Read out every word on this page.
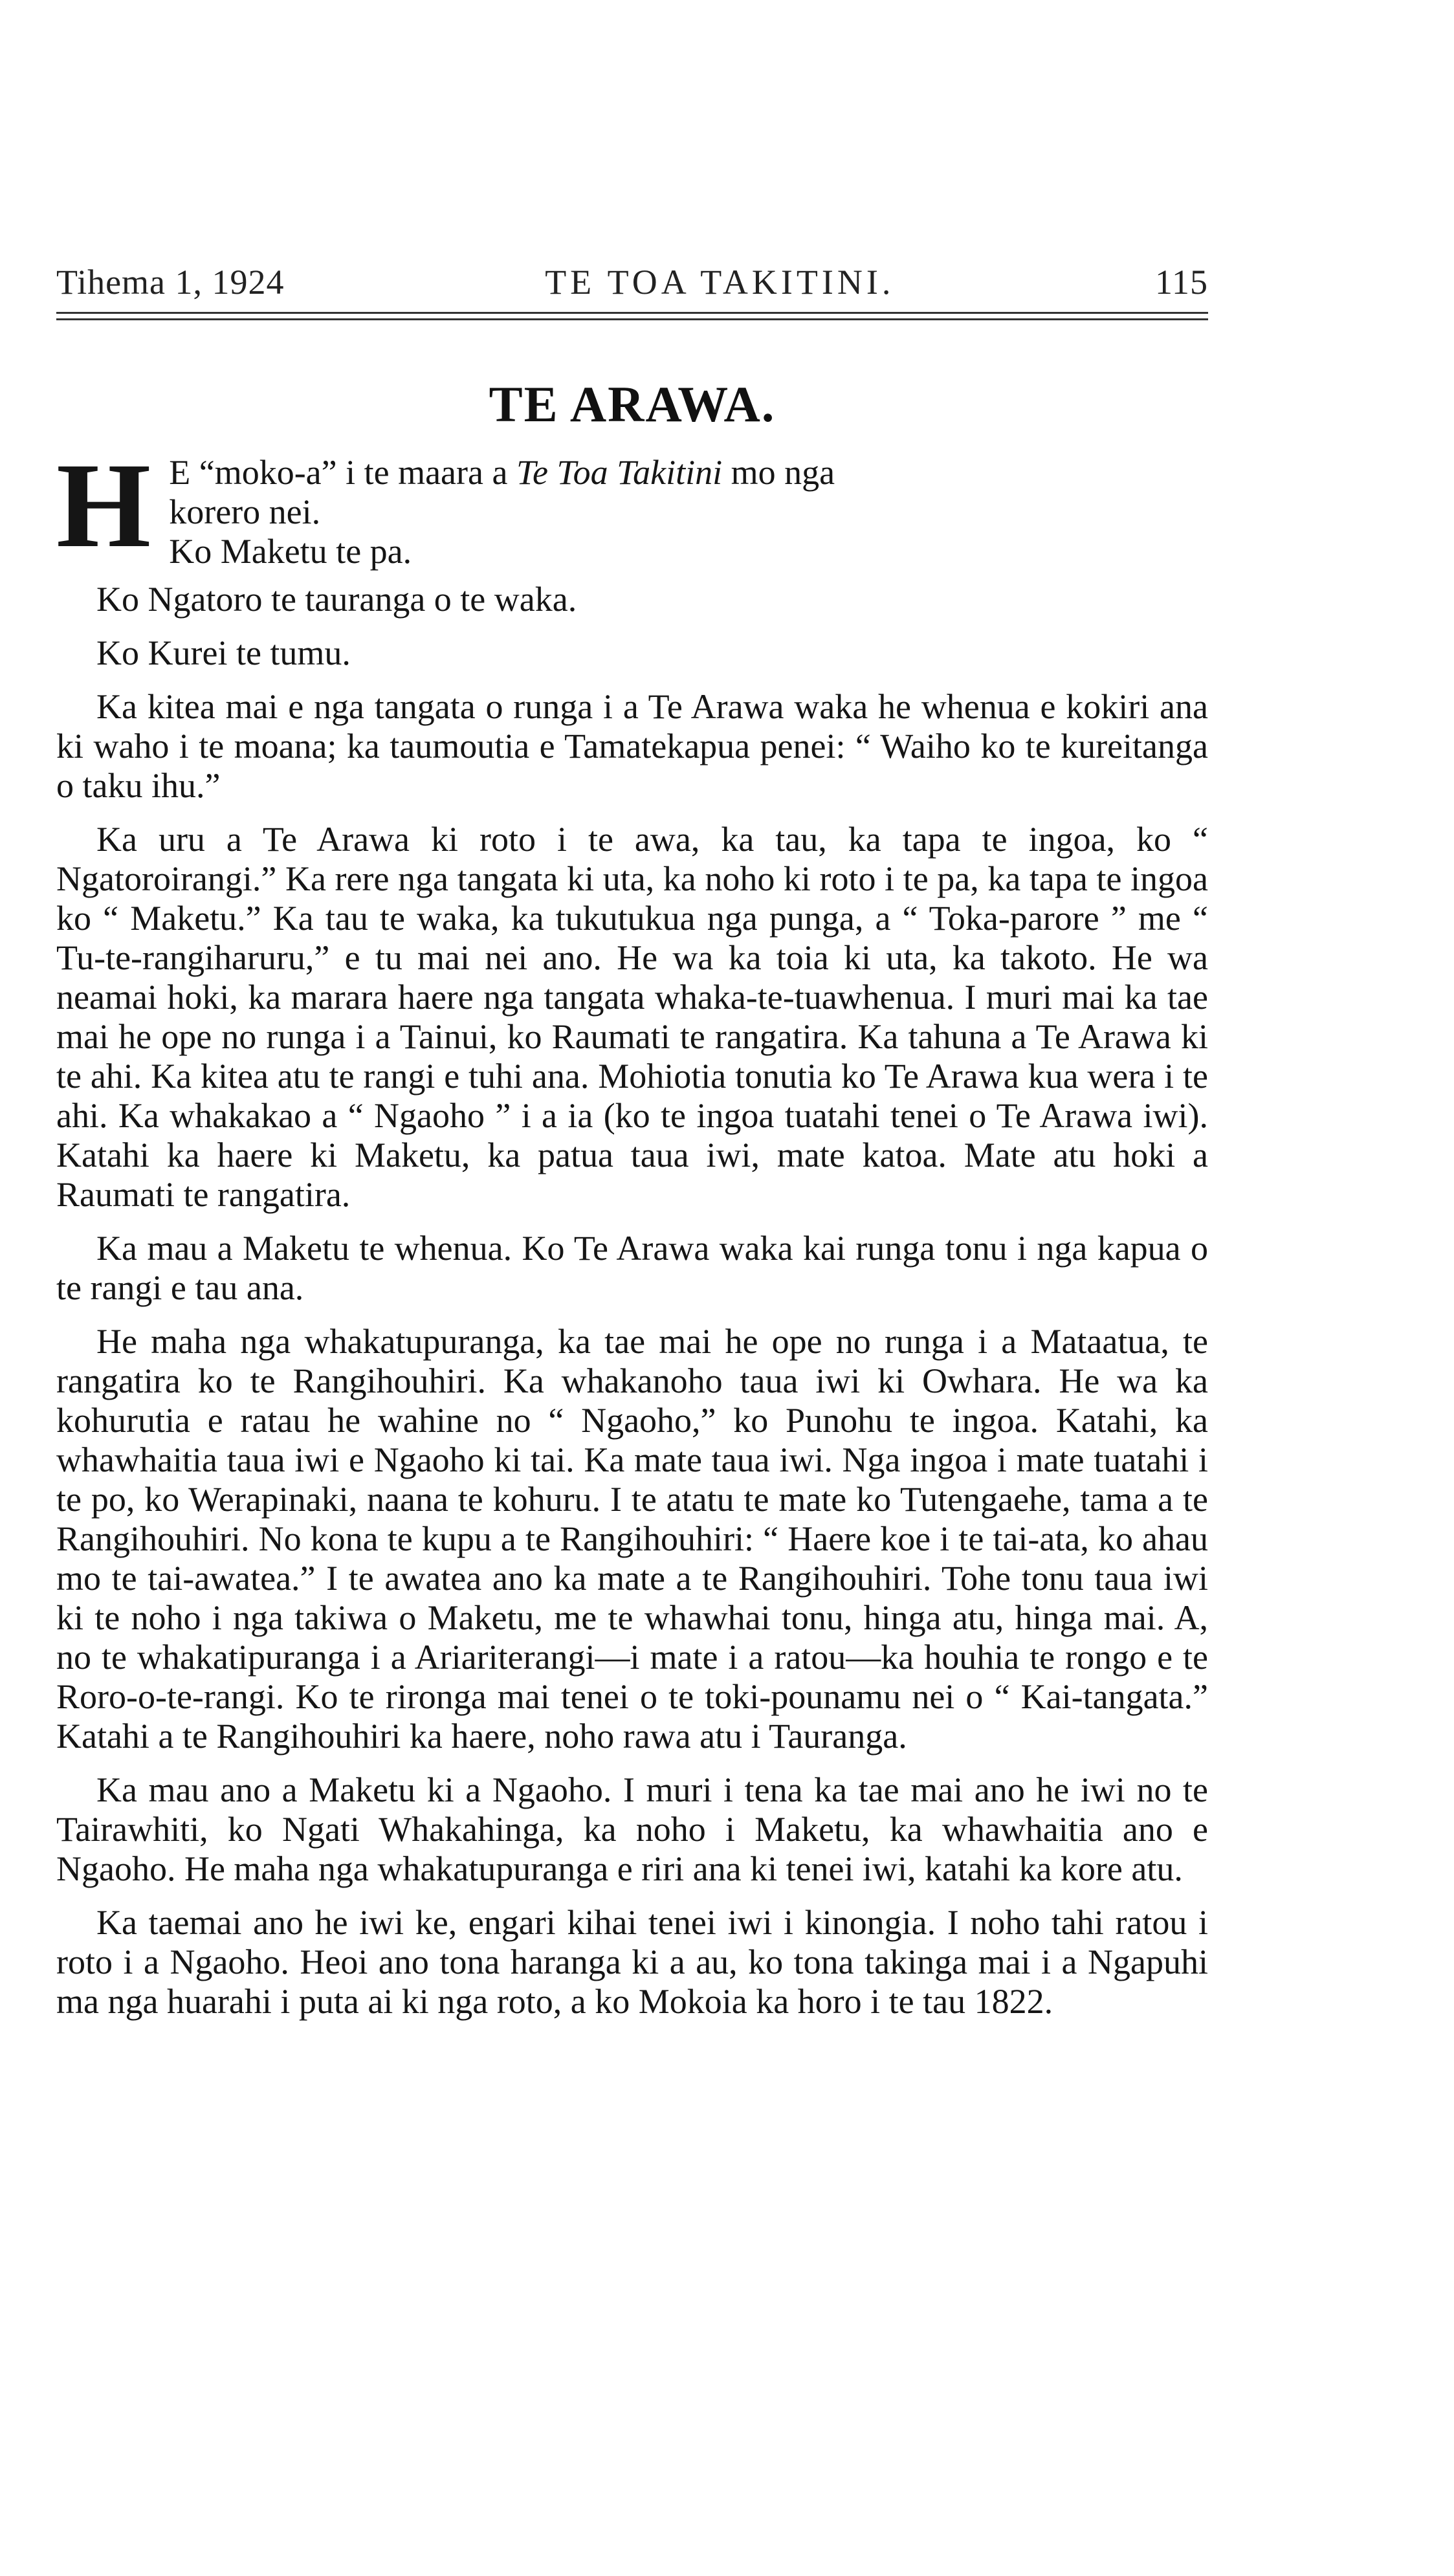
Tihema 1, 1924	TE TOA TAKITINI.	115
TE ARAWA.
H E “moko-a” i te maara a Te Toa Takitini mo nga
korero nei.
Ko Maketu te pa.

Ko Ngatoro te tauranga o te waka.

Ko Kurei te tumu.

Ka kitea mai e nga tangata o runga i a Te Arawa waka he whenua e kokiri ana ki waho i te moana; ka taumoutia e Tamatekapua penei: “ Waiho ko te kureitanga o taku ihu.”

Ka uru a Te Arawa ki roto i te awa, ka tau, ka tapa te ingoa, ko “ Ngatoroirangi.” Ka rere nga tangata ki uta, ka noho ki roto i te pa, ka tapa te ingoa ko “ Maketu.” Ka tau te waka, ka tukutukua nga punga, a “ Toka-parore ” me “ Tu-te-rangiharuru,” e tu mai nei ano. He wa ka toia ki uta, ka takoto. He wa neamai hoki, ka marara haere nga tangata whaka-te-tuawhenua. I muri mai ka tae mai he ope no runga i a Tainui, ko Raumati te rangatira. Ka tahuna a Te Arawa ki te ahi. Ka kitea atu te rangi e tuhi ana. Mohiotia tonutia ko Te Arawa kua wera i te ahi. Ka whakakao a “ Ngaoho ” i a ia (ko te ingoa tuatahi tenei o Te Arawa iwi). Katahi ka haere ki Maketu, ka patua taua iwi, mate katoa. Mate atu hoki a Raumati te rangatira.

Ka mau a Maketu te whenua. Ko Te Arawa waka kai runga tonu i nga kapua o te rangi e tau ana.

He maha nga whakatupuranga, ka tae mai he ope no runga i a Mataatua, te rangatira ko te Rangihouhiri. Ka whakanoho taua iwi ki Owhara. He wa ka kohurutia e ratau he wahine no “ Ngaoho,” ko Punohu te ingoa. Katahi, ka whawhaitia taua iwi e Ngaoho ki tai. Ka mate taua iwi. Nga ingoa i mate tuatahi i te po, ko Werapinaki, naana te kohuru. I te atatu te mate ko Tutengaehe, tama a te Rangihouhiri. No kona te kupu a te Rangihouhiri: “ Haere koe i te tai-ata, ko ahau mo te tai-awatea.” I te awatea ano ka mate a te Rangihouhiri. Tohe tonu taua iwi ki te noho i nga takiwa o Maketu, me te whawhai tonu, hinga atu, hinga mai. A, no te whakatipuranga i a Ariariterangi—i mate i a ratou—ka houhia te rongo e te Roro-o-te-rangi. Ko te rironga mai tenei o te toki-pounamu nei o “ Kai-tangata.” Katahi a te Rangihouhiri ka haere, noho rawa atu i Tauranga.

Ka mau ano a Maketu ki a Ngaoho. I muri i tena ka tae mai ano he iwi no te Tairawhiti, ko Ngati Whakahinga, ka noho i Maketu, ka whawhaitia ano e Ngaoho. He maha nga whakatupuranga e riri ana ki tenei iwi, katahi ka kore atu.

Ka taemai ano he iwi ke, engari kihai tenei iwi i kinongia. I noho tahi ratou i roto i a Ngaoho. Heoi ano tona haranga ki a au, ko tona takinga mai i a Ngapuhi ma nga huarahi i puta ai ki nga roto, a ko Mokoia ka horo i te tau 1822.
